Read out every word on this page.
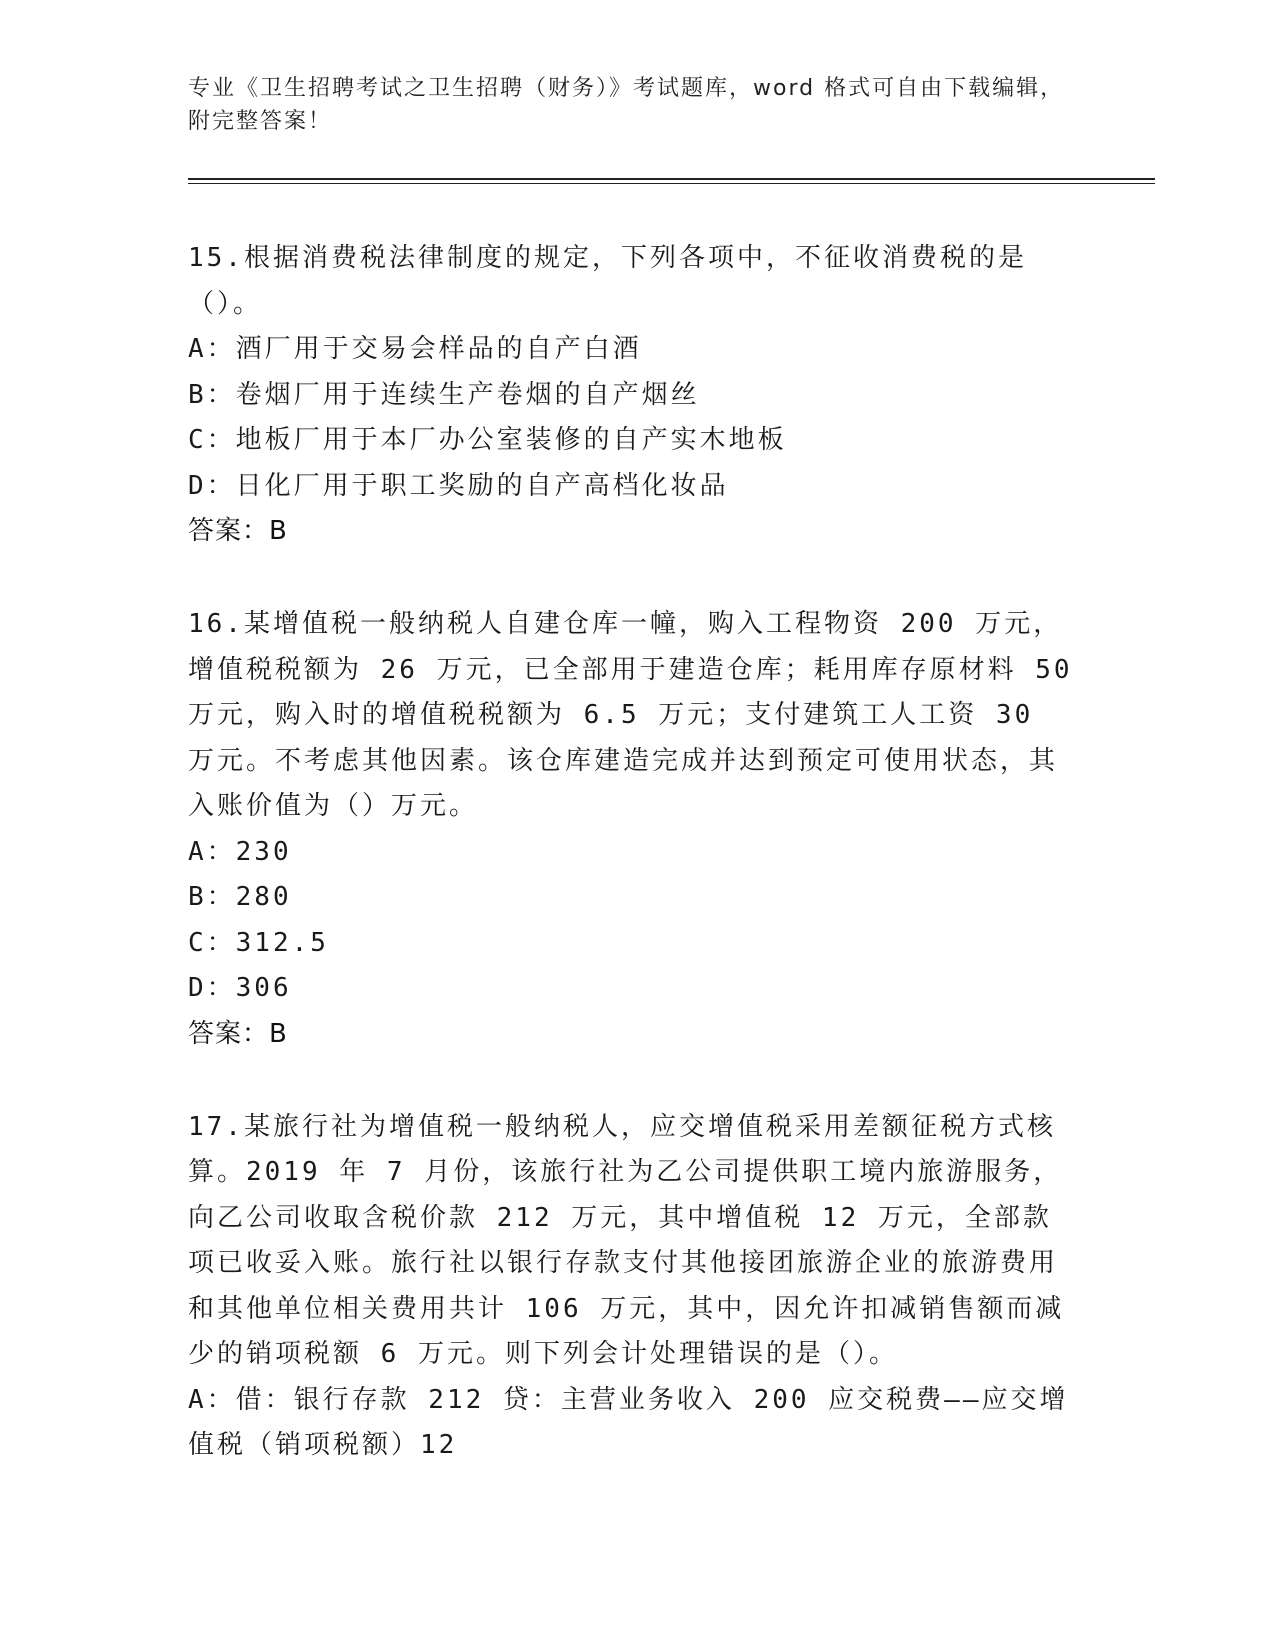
专业《卫生招聘考试之卫生招聘（财务）》考试题库，word 格式可自由下载编辑，附完整答案！

15.根据消费税法律制度的规定，下列各项中，不征收消费税的是（）。

A：酒厂用于交易会样品的自产白酒

B：卷烟厂用于连续生产卷烟的自产烟丝

C：地板厂用于本厂办公室装修的自产实木地板

D：日化厂用于职工奖励的自产高档化妆品

答案：B

16.某增值税一般纳税人自建仓库一幢，购入工程物资 200 万元，增值税税额为 26 万元，已全部用于建造仓库；耗用库存原材料 50 万元，购入时的增值税税额为 6.5 万元；支付建筑工人工资 30 万元。不考虑其他因素。该仓库建造完成并达到预定可使用状态，其入账价值为（）万元。

A：230

B：280

C：312.5

D：306

答案：B

17.某旅行社为增值税一般纳税人，应交增值税采用差额征税方式核算。2019 年 7 月份，该旅行社为乙公司提供职工境内旅游服务，向乙公司收取含税价款 212 万元，其中增值税 12 万元，全部款项已收妥入账。旅行社以银行存款支付其他接团旅游企业的旅游费用和其他单位相关费用共计 106 万元，其中，因允许扣减销售额而减少的销项税额 6 万元。则下列会计处理错误的是（）。

A：借：银行存款 212 贷：主营业务收入 200 应交税费——应交增值税（销项税额）12
